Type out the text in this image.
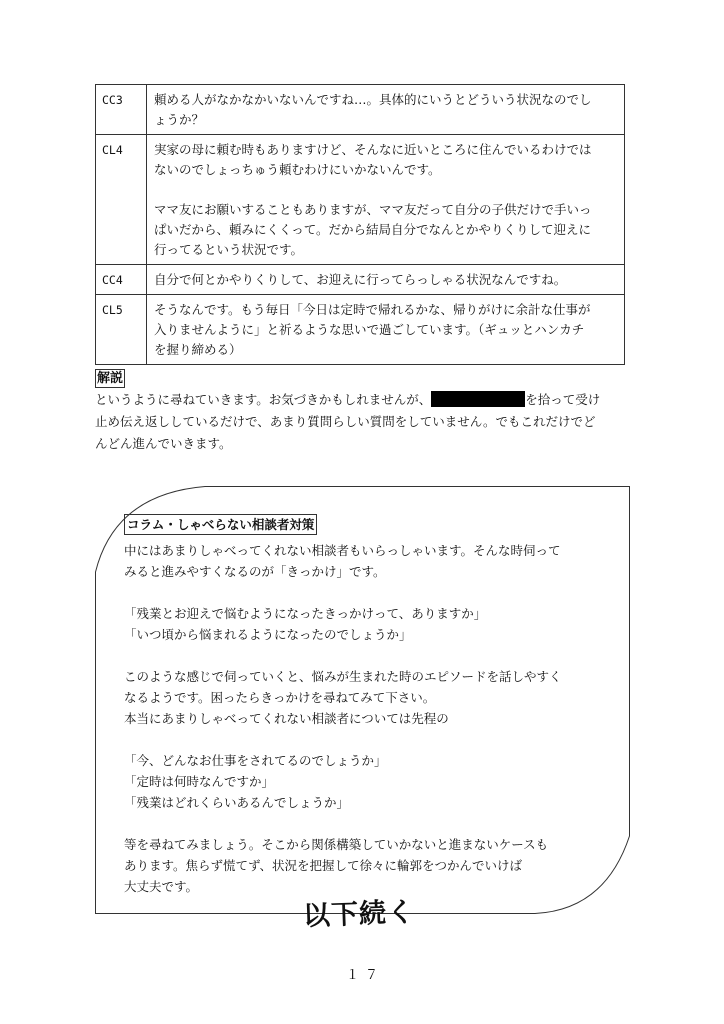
CC3	頼める人がなかなかいないんですね…。具体的にいうとどういう状況なのでし
ょうか？

CL4	実家の母に頼む時もありますけど、そんなに近いところに住んでいるわけでは
ないのでしょっちゅう頼むわけにいかないんです。
ママ友にお願いすることもありますが、ママ友だって自分の子供だけで手いっ
ぱいだから、頼みにくくって。だから結局自分でなんとかやりくりして迎えに
行ってるという状況です。

CC4	自分で何とかやりくりして、お迎えに行ってらっしゃる状況なんですね。

CL5	そうなんです。もう毎日「今日は定時で帰れるかな、帰りがけに余計な仕事が
入りませんように」と祈るような思いで過ごしています。（ギュッとハンカチ
を握り締める）
解説
というように尋ねていきます。お気づきかもしれませんが、	を拾って受け
止め伝え返ししているだけで、あまり質問らしい質問をしていません。でもこれだけでど
んどん進んでいきます。
コラム・しゃべらない相談者対策
中にはあまりしゃべってくれない相談者もいらっしゃいます。そんな時伺って
みると進みやすくなるのが「きっかけ」です。
「残業とお迎えで悩むようになったきっかけって、ありますか」
「いつ頃から悩まれるようになったのでしょうか」
このような感じで伺っていくと、悩みが生まれた時のエピソードを話しやすく
なるようです。困ったらきっかけを尋ねてみて下さい。
本当にあまりしゃべってくれない相談者については先程の
「今、どんなお仕事をされてるのでしょうか」
「定時は何時なんですか」
「残業はどれくらいあるんでしょうか」
等を尋ねてみましょう。そこから関係構築していかないと進まないケースも
あります。焦らず慌てず、状況を把握して徐々に輪郭をつかんでいけば
大丈夫です。
以下続く
１７
